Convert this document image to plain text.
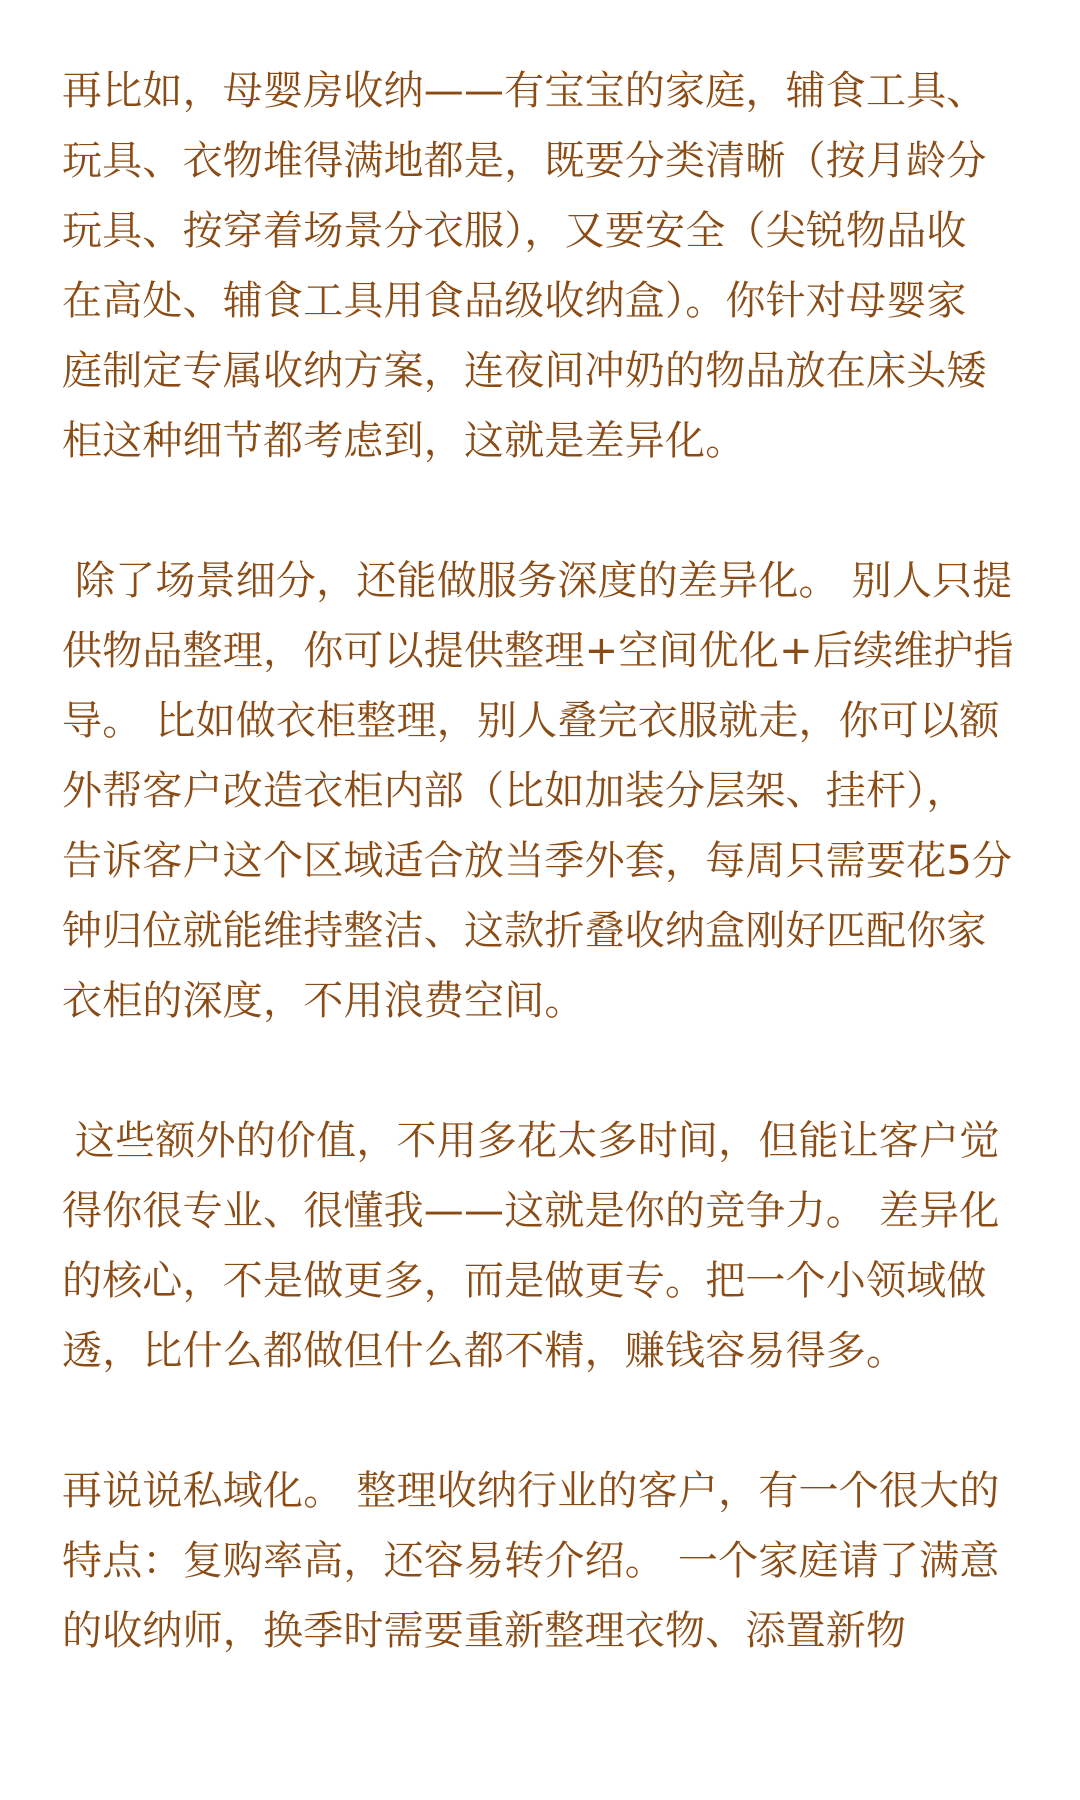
再比如，母婴房收纳——有宝宝的家庭，辅食工具、
玩具、衣物堆得满地都是，既要分类清晰（按月龄分
玩具、按穿着场景分衣服），又要安全（尖锐物品收
在高处、辅食工具用食品级收纳盒）。你针对母婴家
庭制定专属收纳方案，连夜间冲奶的物品放在床头矮
柜这种细节都考虑到，这就是差异化。

除了场景细分，还能做服务深度的差异化。 别人只提
供物品整理，你可以提供整理+空间优化+后续维护指
导。 比如做衣柜整理，别人叠完衣服就走，你可以额
外帮客户改造衣柜内部（比如加装分层架、挂杆），
告诉客户这个区域适合放当季外套，每周只需要花5分
钟归位就能维持整洁、这款折叠收纳盒刚好匹配你家
衣柜的深度，不用浪费空间。

这些额外的价值，不用多花太多时间，但能让客户觉
得你很专业、很懂我——这就是你的竞争力。 差异化
的核心，不是做更多，而是做更专。把一个小领域做
透，比什么都做但什么都不精，赚钱容易得多。

再说说私域化。 整理收纳行业的客户，有一个很大的
特点：复购率高，还容易转介绍。 一个家庭请了满意
的收纳师，换季时需要重新整理衣物、添置新物
